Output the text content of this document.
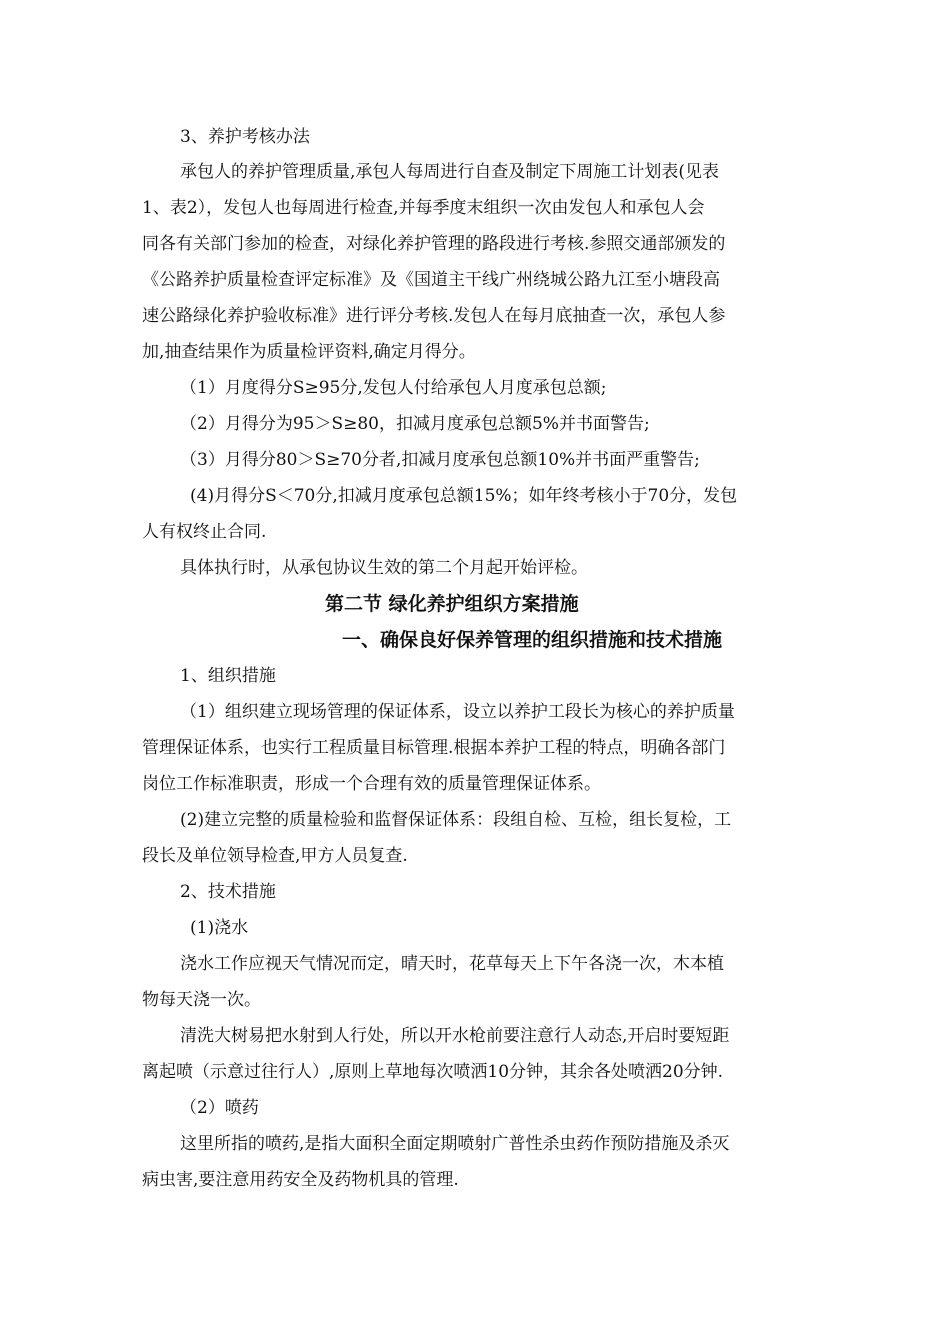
3、养护考核办法
承包人的养护管理质量,承包人每周进行自查及制定下周施工计划表(见表
1、表2），发包人也每周进行检查,并每季度末组织一次由发包人和承包人会
同各有关部门参加的检查，对绿化养护管理的路段进行考核.参照交通部颁发的
《公路养护质量检查评定标准》及《国道主干线广州绕城公路九江至小塘段高
速公路绿化养护验收标准》进行评分考核.发包人在每月底抽查一次，承包人参
加,抽查结果作为质量检评资料,确定月得分。
（1）月度得分S≥95分,发包人付给承包人月度承包总额;
（2）月得分为95＞S≥80，扣减月度承包总额5%并书面警告;
（3）月得分80＞S≥70分者,扣减月度承包总额10%并书面严重警告;
(4)月得分S＜70分,扣减月度承包总额15%；如年终考核小于70分，发包
人有权终止合同.
具体执行时，从承包协议生效的第二个月起开始评检。
第二节 绿化养护组织方案措施
一、确保良好保养管理的组织措施和技术措施
1、组织措施
（1）组织建立现场管理的保证体系，设立以养护工段长为核心的养护质量
管理保证体系，也实行工程质量目标管理.根据本养护工程的特点，明确各部门
岗位工作标准职责，形成一个合理有效的质量管理保证体系。
(2)建立完整的质量检验和监督保证体系：段组自检、互检，组长复检，工
段长及单位领导检查,甲方人员复查.
2、技术措施
(1)浇水
浇水工作应视天气情况而定，晴天时，花草每天上下午各浇一次，木本植
物每天浇一次。
清洗大树易把水射到人行处，所以开水枪前要注意行人动态,开启时要短距
离起喷（示意过往行人）,原则上草地每次喷洒10分钟，其余各处喷洒20分钟.
（2）喷药
这里所指的喷药,是指大面积全面定期喷射广普性杀虫药作预防措施及杀灭
病虫害,要注意用药安全及药物机具的管理.
